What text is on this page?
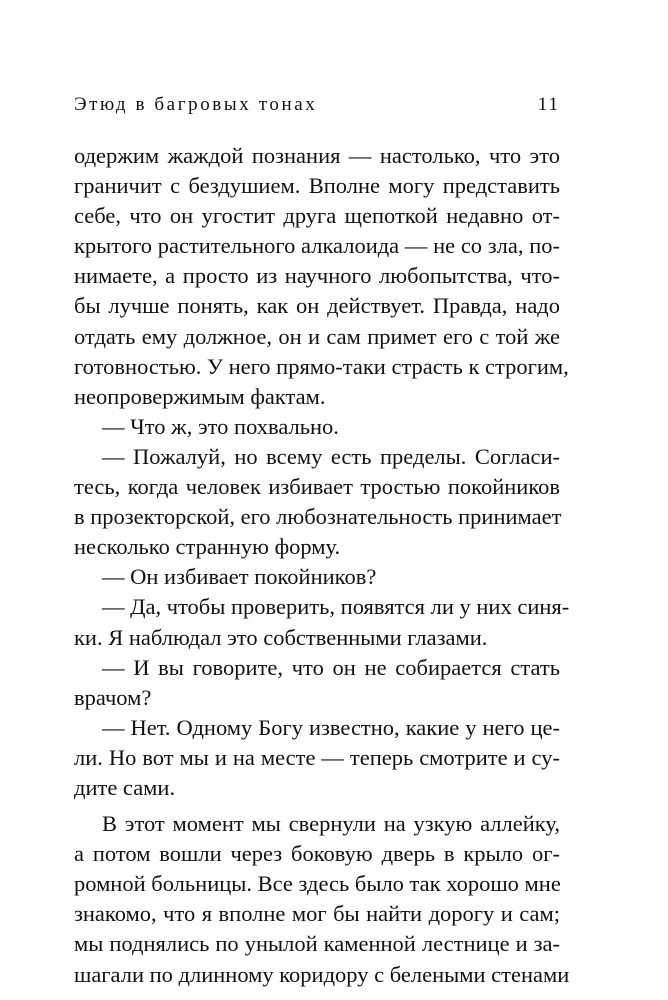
Этюд в багровых тонах	11
одержим жаждой познания — настолько, что это
граничит с бездушием. Вполне могу представить
себе, что он угостит друга щепоткой недавно от-
крытого растительного алкалоида — не со зла, по-
нимаете, а просто из научного любопытства, что-
бы лучше понять, как он действует. Правда, надо
отдать ему должное, он и сам примет его с той же
готовностью. У него прямо-таки страсть к строгим,
неопровержимым фактам.
— Что ж, это похвально.
— Пожалуй, но всему есть пределы. Согласи-
тесь, когда человек избивает тростью покойников
в прозекторской, его любознательность принимает
несколько странную форму.
— Он избивает покойников?
— Да, чтобы проверить, появятся ли у них синя-
ки. Я наблюдал это собственными глазами.
— И вы говорите, что он не собирается стать
врачом?
— Нет. Одному Богу известно, какие у него це-
ли. Но вот мы и на месте — теперь смотрите и су-
дите сами.
В этот момент мы свернули на узкую аллейку,
а потом вошли через боковую дверь в крыло ог-
ромной больницы. Все здесь было так хорошо мне
знакомо, что я вполне мог бы найти дорогу и сам;
мы поднялись по унылой каменной лестнице и за-
шагали по длинному коридору с белеными стенами
